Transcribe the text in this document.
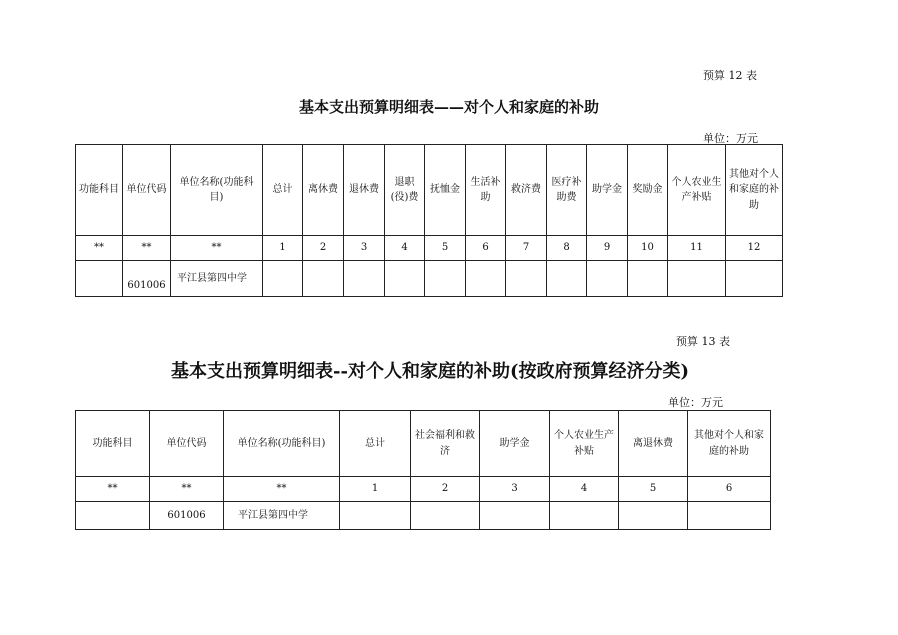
预算 12 表
基本支出预算明细表——对个人和家庭的补助
单位：万元
功能科目	单位代码	单位名称(功能科目)	总计	离休费	退休费	退职(役)费	抚恤金	生活补助	救济费	医疗补助费	助学金	奖励金	个人农业生产补贴	其他对个人和家庭的补助
**	**	**	1	2	3	4	5	6	7	8	9	10	11	12
	601006	平江县第四中学												
预算 13 表
基本支出预算明细表--对个人和家庭的补助(按政府预算经济分类)
单位：万元
功能科目	单位代码	单位名称(功能科目)	总计	社会福利和救济	助学金	个人农业生产补贴	离退休费	其他对个人和家庭的补助
**	**	**	1	2	3	4	5	6
	601006	平江县第四中学						
